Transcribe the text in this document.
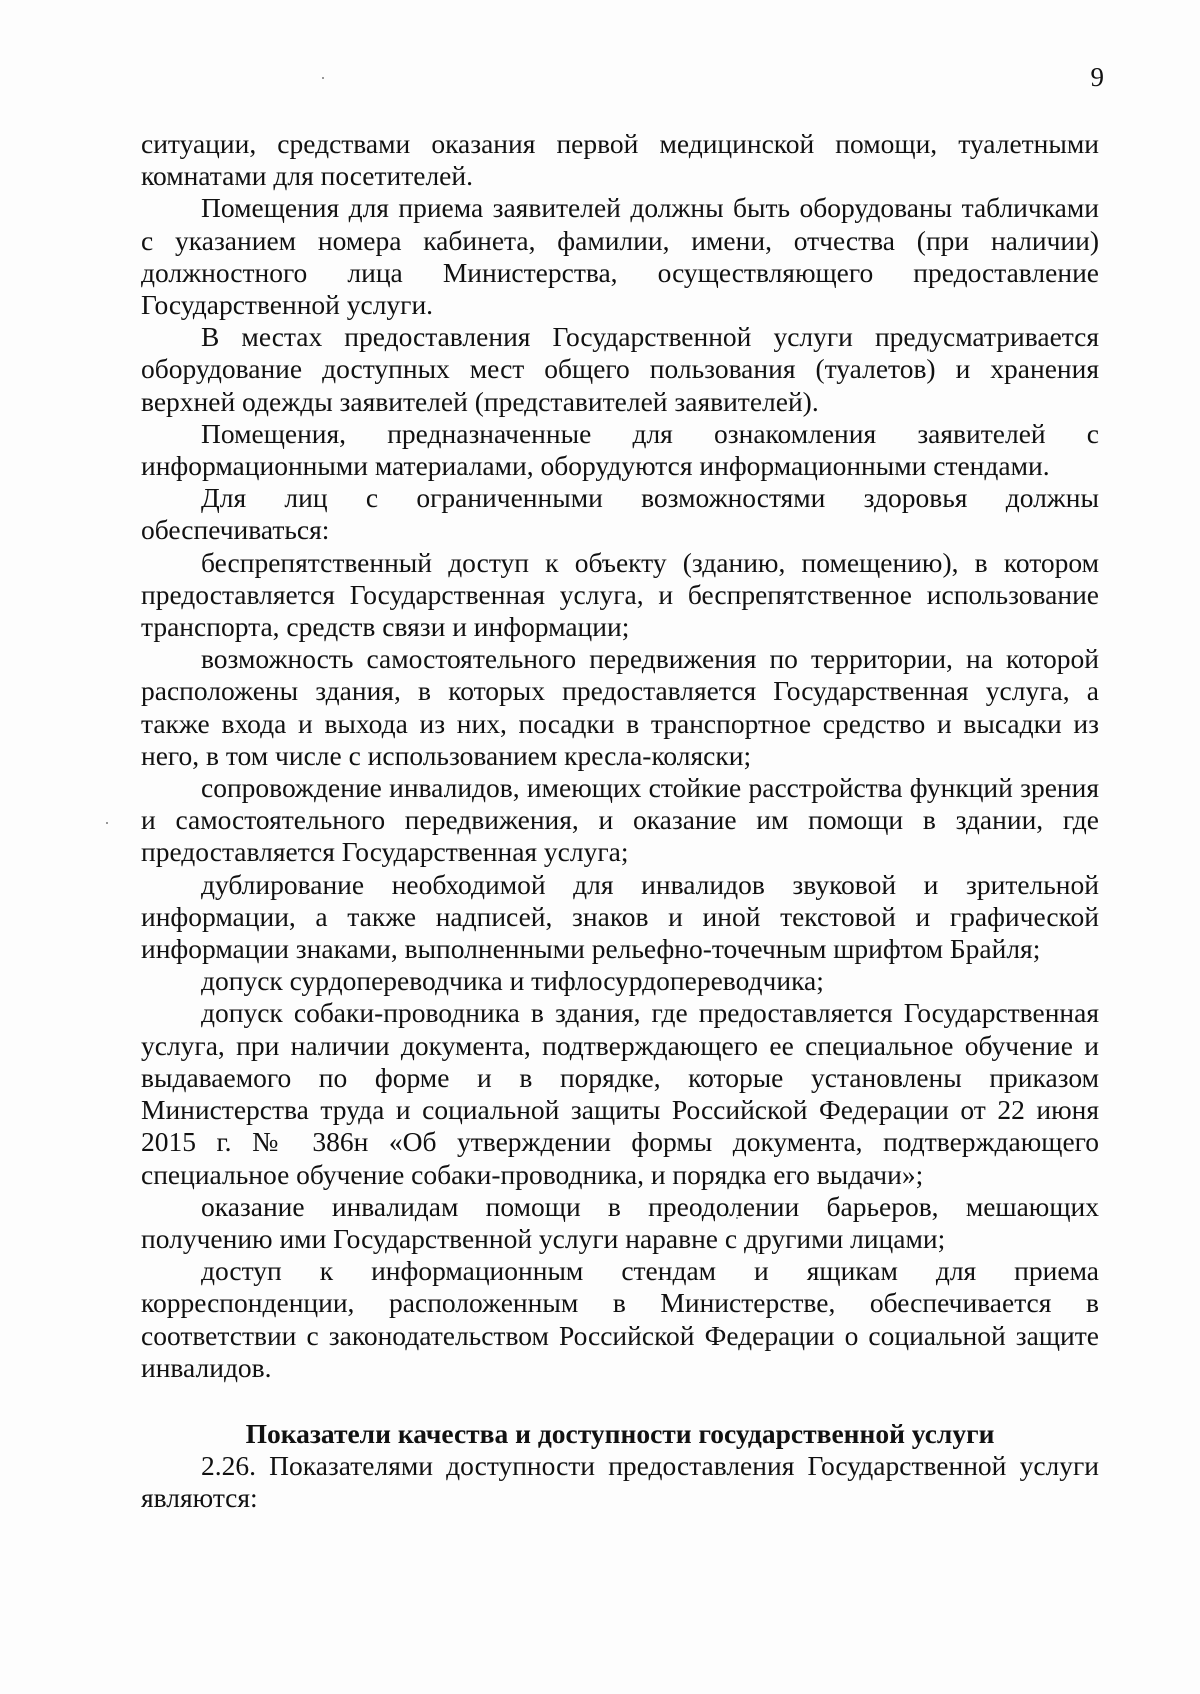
9

ситуации, средствами оказания первой медицинской помощи, туалетными комнатами для посетителей.

Помещения для приема заявителей должны быть оборудованы табличками с указанием номера кабинета, фамилии, имени, отчества (при наличии) должностного лица Министерства, осуществляющего предоставление Государственной услуги.

В местах предоставления Государственной услуги предусматривается оборудование доступных мест общего пользования (туалетов) и хранения верхней одежды заявителей (представителей заявителей).

Помещения, предназначенные для ознакомления заявителей с информационными материалами, оборудуются информационными стендами.

Для лиц с ограниченными возможностями здоровья должны обеспечиваться:

беспрепятственный доступ к объекту (зданию, помещению), в котором предоставляется Государственная услуга, и беспрепятственное использование транспорта, средств связи и информации;

возможность самостоятельного передвижения по территории, на которой расположены здания, в которых предоставляется Государственная услуга, а также входа и выхода из них, посадки в транспортное средство и высадки из него, в том числе с использованием кресла-коляски;

сопровождение инвалидов, имеющих стойкие расстройства функций зрения и самостоятельного передвижения, и оказание им помощи в здании, где предоставляется Государственная услуга;

дублирование необходимой для инвалидов звуковой и зрительной информации, а также надписей, знаков и иной текстовой и графической информации знаками, выполненными рельефно-точечным шрифтом Брайля;

допуск сурдопереводчика и тифлосурдопереводчика;

допуск собаки-проводника в здания, где предоставляется Государственная услуга, при наличии документа, подтверждающего ее специальное обучение и выдаваемого по форме и в порядке, которые установлены приказом Министерства труда и социальной защиты Российской Федерации от 22 июня 2015 г. № 386н «Об утверждении формы документа, подтверждающего специальное обучение собаки-проводника, и порядка его выдачи»;

оказание инвалидам помощи в преодолении барьеров, мешающих получению ими Государственной услуги наравне с другими лицами;

доступ к информационным стендам и ящикам для приема корреспонденции, расположенным в Министерстве, обеспечивается в соответствии с законодательством Российской Федерации о социальной защите инвалидов.

Показатели качества и доступности государственной услуги

2.26. Показателями доступности предоставления Государственной услуги являются:
